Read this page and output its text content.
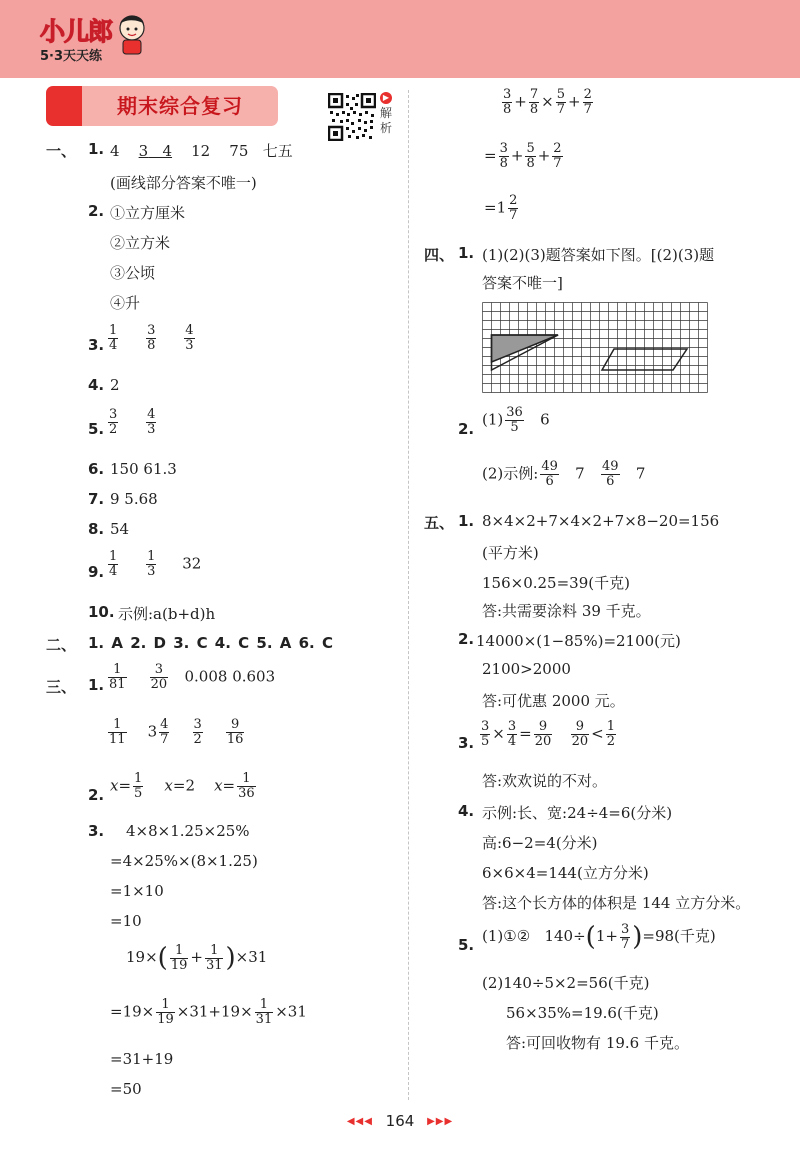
小儿郎
5·3天天练
期末综合复习	▶
解析
一、 1. 4 3 4 12 75 七五
(画线部分答案不唯一)
2. ①立方厘米
②立方米
③公顷
④升
3. $\frac{1}{4}$
$\frac{3}{8}$
$\frac{4}{3}$
4. 2
5. $\frac{3}{2}$
$\frac{4}{3}$
6. 150 61.3
7. 9 5.68
8. 54
9. $\frac{1}{4}$
$\frac{1}{3} 32$
10. 示例:a(b+d)h
二、 1. A 2. D 3. C 4. C 5. A 6. C
三、 1. $\frac{1}{81}$
$\frac{3}{20} 0.008$ 0.603
$\frac{1}{11} 3 \frac{4}{7}$
$\frac{3}{2}$
$\frac{9}{16}$
2.
$x= \frac{1}{5} x=2$ $x= \frac{1}{36}$
3. 4×8×1.25×25%
=4×25%×(8×1.25)
=1×10
=10
$19\times( \frac{1}{19} + \frac{1}{31} )\times 31$
$=19\times \frac{1}{19} \times 31+19\times \frac{1}{31} \times 31$
=31+19
=50
$\frac{3}{8} + \frac{7}{8} \times \frac{5}{7} + \frac{2}{7}$
= $\frac{3}{8} + \frac{5}{8} + \frac{2}{7}$
$=1 \frac{2}{7}$
四、 1. (1)(2)(3)题答案如下图。[(2)(3)题
答案不唯一]
2.
$(1) \frac{36}{5} 6$
(2)示例: $\frac{49}{6} 7 \frac{49}{6} 7$
五、 1. 8×4×2+7×4×2+7×8−20=156
(平方米)
156×0.25=39(千克)
答:共需要涂料 39 千克。
2. 14000×(1−85%)=2100(元)
2100>2000
答:可优惠 2000 元。
3. $\frac{3}{5} \times \frac{3}{4} = \frac{9}{20}$
$\frac{9}{20} < \frac{1}{2}$
答:欢欢说的不对。
4. 示例:长、宽:24÷4=6(分米)
高:6−2=4(分米)
6×6×4=144(立方分米)
答:这个长方体的体积是 144 立方分米。
5. (1)①② $140\div(1+ \frac{3}{7} )=98$(千克)
(2)140÷5×2=56(千克)
56×35%=19.6(千克)
答:可回收物有 19.6 千克。
◀◀◀ 164 ▶▶▶
